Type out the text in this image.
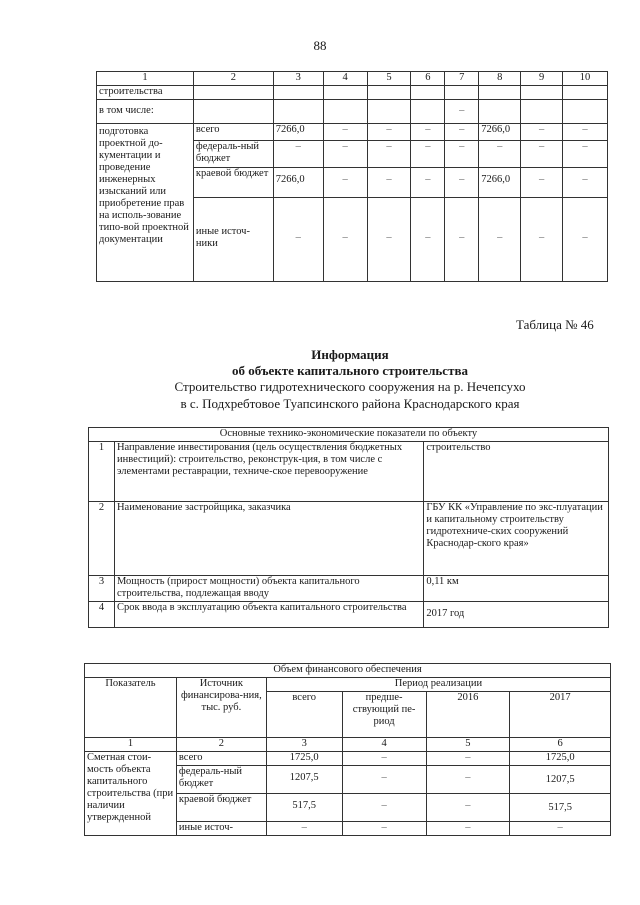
88
1	2	3	4	5	6	7	8	9	10
строительства									
в том числе:						–			
подготовка проектной до-кументации и проведение инженерных изысканий или приобретение прав на исполь-зование типо-вой проектной документации	всего	7266,0	–	–	–	–	7266,0	–	–
	федераль-ный бюджет	–	–	–	–	–	–	–	–
	краевой бюджет	7266,0	–	–	–	–	7266,0	–	–
	иные источ-ники	–	–	–	–	–	–	–	–
Таблица № 46
Информация
об объекте капитального строительства
Строительство гидротехнического сооружения на р. Нечепсухо
в с. Подхребтовое Туапсинского района Краснодарского края
Основные технико-экономические показатели по объекту		
1	Направление инвестирования (цель осуществления бюджетных инвестиций): строительство, реконструк-ция, в том числе с элементами реставрации, техниче-ское перевооружение	строительство
2	Наименование застройщика, заказчика	ГБУ КК «Управление по экс-плуатации и капитальному строительству гидротехниче-ских сооружений Краснодар-ского края»
3	Мощность (прирост мощности) объекта капитального строительства, подлежащая вводу	0,11 км
4	Срок ввода в эксплуатацию объекта капитального строительства	2017 год
Объем финансового обеспечения					
Показатель	Источник финансирова-ния, тыс. руб.	Период реализации			
		всего	предше-ствующий пе-риод	2016	2017
1	2	3	4	5	6
Сметная стои-мость объекта капитального строительства (при наличии утвержденной	всего	1725,0	–	–	1725,0
	федераль-ный бюджет	1207,5	–	–	1207,5
	краевой бюджет	517,5	–	–	517,5
	иные источ-	–	–	–	–
